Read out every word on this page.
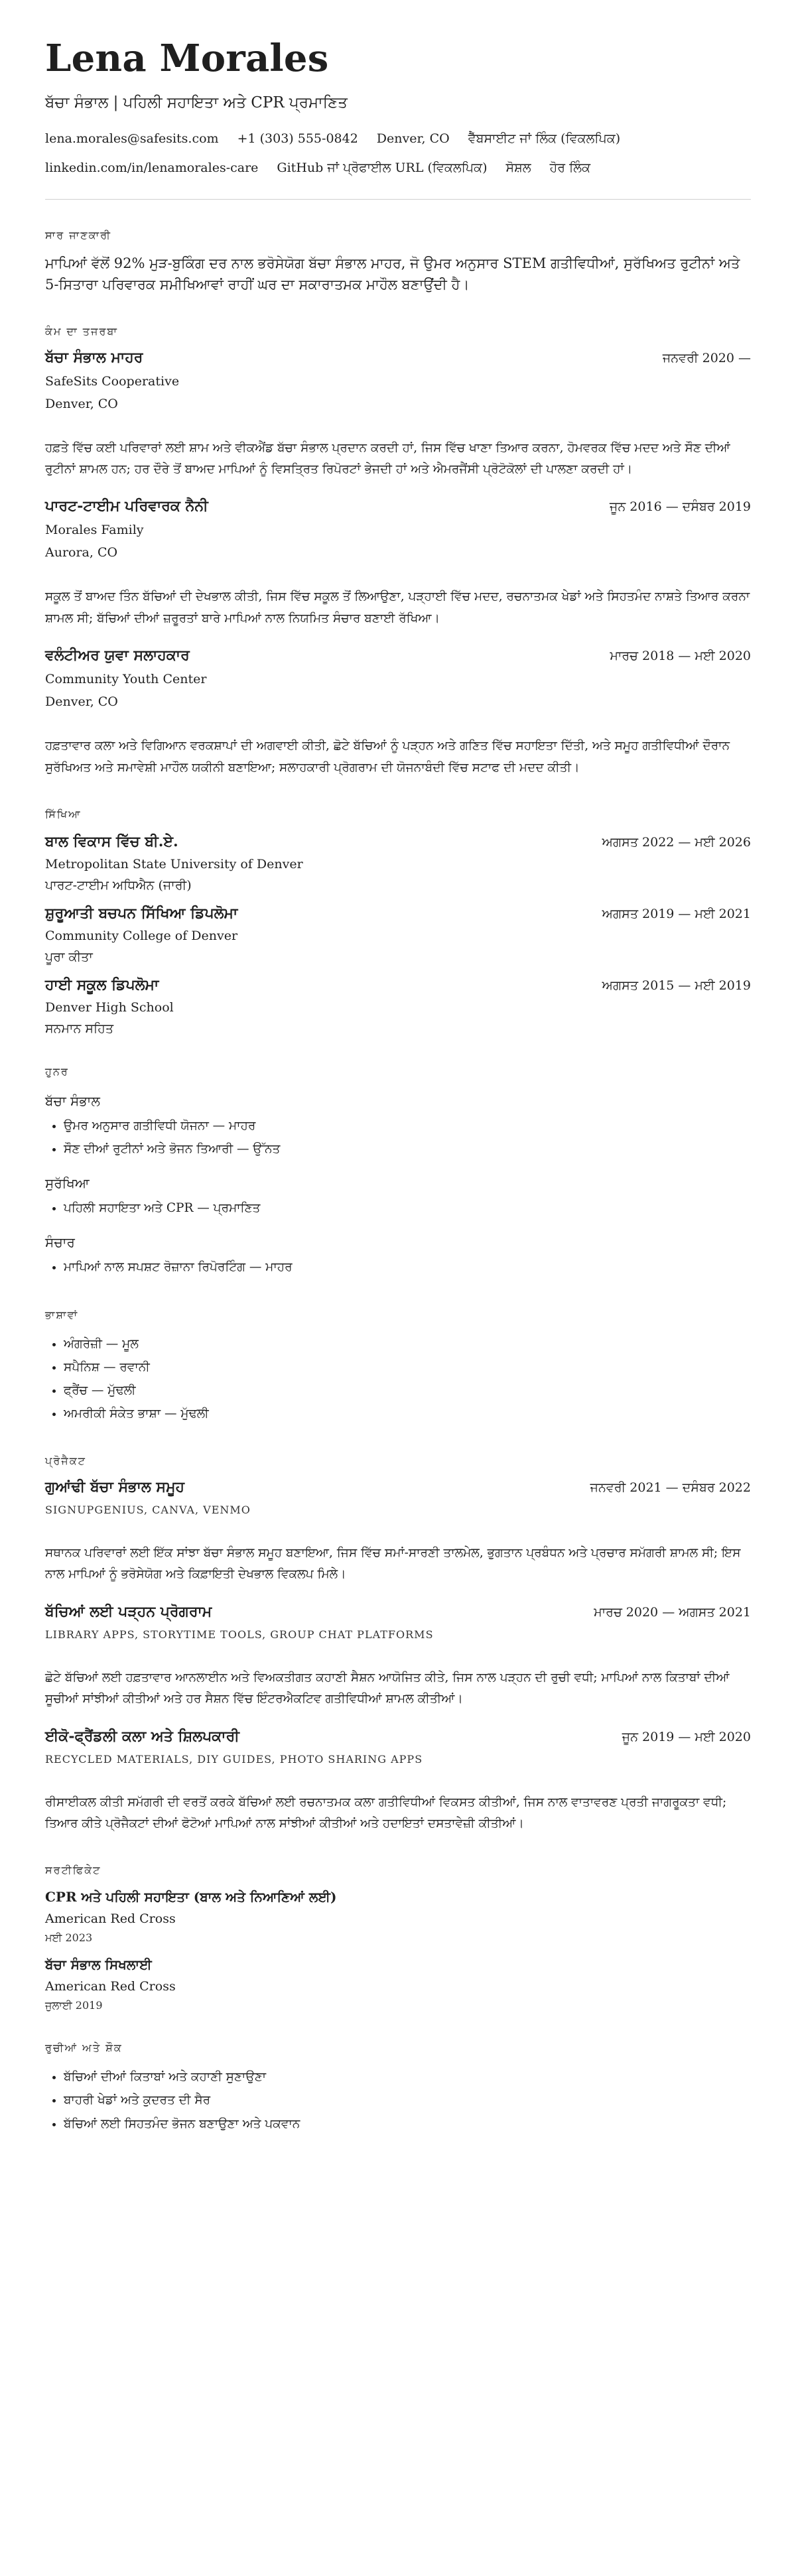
Lena Morales
ਬੱਚਾ ਸੰਭਾਲ | ਪਹਿਲੀ ਸਹਾਇਤਾ ਅਤੇ CPR ਪ੍ਰਮਾਣਿਤ
lena.morales@safesits.com +1 (303) 555-0842 Denver, CO ਵੈੱਬਸਾਈਟ ਜਾਂ ਲਿੰਕ (ਵਿਕਲਪਿਕ)
linkedin.com/in/lenamorales-care GitHub ਜਾਂ ਪ੍ਰੋਫਾਈਲ URL (ਵਿਕਲਪਿਕ) ਸੋਸ਼ਲ ਹੋਰ ਲਿੰਕ
ਸਾਰ ਜਾਣਕਾਰੀ

ਮਾਪਿਆਂ ਵੱਲੋਂ 92% ਮੁੜ-ਬੁਕਿੰਗ ਦਰ ਨਾਲ ਭਰੋਸੇਯੋਗ ਬੱਚਾ ਸੰਭਾਲ ਮਾਹਰ, ਜੋ ਉਮਰ ਅਨੁਸਾਰ STEM ਗਤੀਵਿਧੀਆਂ, ਸੁਰੱਖਿਅਤ ਰੁਟੀਨਾਂ ਅਤੇ 5-ਸਿਤਾਰਾ ਪਰਿਵਾਰਕ ਸਮੀਖਿਆਵਾਂ ਰਾਹੀਂ ਘਰ ਦਾ ਸਕਾਰਾਤਮਕ ਮਾਹੌਲ ਬਣਾਉਂਦੀ ਹੈ।

ਕੰਮ ਦਾ ਤਜਰਬਾ
ਬੱਚਾ ਸੰਭਾਲ ਮਾਹਰ	ਜਨਵਰੀ 2020 —
SafeSits Cooperative
Denver, CO
ਹਫ਼ਤੇ ਵਿੱਚ ਕਈ ਪਰਿਵਾਰਾਂ ਲਈ ਸ਼ਾਮ ਅਤੇ ਵੀਕਐਂਡ ਬੱਚਾ ਸੰਭਾਲ ਪ੍ਰਦਾਨ ਕਰਦੀ ਹਾਂ, ਜਿਸ ਵਿੱਚ ਖਾਣਾ ਤਿਆਰ ਕਰਨਾ, ਹੋਮਵਰਕ ਵਿੱਚ ਮਦਦ ਅਤੇ ਸੌਣ ਦੀਆਂ ਰੁਟੀਨਾਂ ਸ਼ਾਮਲ ਹਨ; ਹਰ ਦੌਰੇ ਤੋਂ ਬਾਅਦ ਮਾਪਿਆਂ ਨੂੰ ਵਿਸਤ੍ਰਿਤ ਰਿਪੋਰਟਾਂ ਭੇਜਦੀ ਹਾਂ ਅਤੇ ਐਮਰਜੈਂਸੀ ਪ੍ਰੋਟੋਕੋਲਾਂ ਦੀ ਪਾਲਣਾ ਕਰਦੀ ਹਾਂ।
ਪਾਰਟ-ਟਾਈਮ ਪਰਿਵਾਰਕ ਨੈਨੀ	ਜੂਨ 2016 — ਦਸੰਬਰ 2019
Morales Family
Aurora, CO
ਸਕੂਲ ਤੋਂ ਬਾਅਦ ਤਿੰਨ ਬੱਚਿਆਂ ਦੀ ਦੇਖਭਾਲ ਕੀਤੀ, ਜਿਸ ਵਿੱਚ ਸਕੂਲ ਤੋਂ ਲਿਆਉਣਾ, ਪੜ੍ਹਾਈ ਵਿੱਚ ਮਦਦ, ਰਚਨਾਤਮਕ ਖੇਡਾਂ ਅਤੇ ਸਿਹਤਮੰਦ ਨਾਸ਼ਤੇ ਤਿਆਰ ਕਰਨਾ ਸ਼ਾਮਲ ਸੀ; ਬੱਚਿਆਂ ਦੀਆਂ ਜ਼ਰੂਰਤਾਂ ਬਾਰੇ ਮਾਪਿਆਂ ਨਾਲ ਨਿਯਮਿਤ ਸੰਚਾਰ ਬਣਾਈ ਰੱਖਿਆ।
ਵਲੰਟੀਅਰ ਯੁਵਾ ਸਲਾਹਕਾਰ	ਮਾਰਚ 2018 — ਮਈ 2020
Community Youth Center
Denver, CO
ਹਫ਼ਤਾਵਾਰ ਕਲਾ ਅਤੇ ਵਿਗਿਆਨ ਵਰਕਸ਼ਾਪਾਂ ਦੀ ਅਗਵਾਈ ਕੀਤੀ, ਛੋਟੇ ਬੱਚਿਆਂ ਨੂੰ ਪੜ੍ਹਨ ਅਤੇ ਗਣਿਤ ਵਿੱਚ ਸਹਾਇਤਾ ਦਿੱਤੀ, ਅਤੇ ਸਮੂਹ ਗਤੀਵਿਧੀਆਂ ਦੌਰਾਨ ਸੁਰੱਖਿਅਤ ਅਤੇ ਸਮਾਵੇਸ਼ੀ ਮਾਹੌਲ ਯਕੀਨੀ ਬਣਾਇਆ; ਸਲਾਹਕਾਰੀ ਪ੍ਰੋਗਰਾਮ ਦੀ ਯੋਜਨਾਬੰਦੀ ਵਿੱਚ ਸਟਾਫ ਦੀ ਮਦਦ ਕੀਤੀ।
ਸਿੱਖਿਆ
ਬਾਲ ਵਿਕਾਸ ਵਿੱਚ ਬੀ.ਏ.	ਅਗਸਤ 2022 — ਮਈ 2026
Metropolitan State University of Denver
ਪਾਰਟ-ਟਾਈਮ ਅਧਿਐਨ (ਜਾਰੀ)
ਸ਼ੁਰੂਆਤੀ ਬਚਪਨ ਸਿੱਖਿਆ ਡਿਪਲੋਮਾ	ਅਗਸਤ 2019 — ਮਈ 2021
Community College of Denver
ਪੂਰਾ ਕੀਤਾ
ਹਾਈ ਸਕੂਲ ਡਿਪਲੋਮਾ	ਅਗਸਤ 2015 — ਮਈ 2019
Denver High School
ਸਨਮਾਨ ਸਹਿਤ
ਹੁਨਰ
ਬੱਚਾ ਸੰਭਾਲ
• ਉਮਰ ਅਨੁਸਾਰ ਗਤੀਵਿਧੀ ਯੋਜਨਾ — ਮਾਹਰ
• ਸੌਣ ਦੀਆਂ ਰੁਟੀਨਾਂ ਅਤੇ ਭੋਜਨ ਤਿਆਰੀ — ਉੱਨਤ
ਸੁਰੱਖਿਆ
• ਪਹਿਲੀ ਸਹਾਇਤਾ ਅਤੇ CPR — ਪ੍ਰਮਾਣਿਤ
ਸੰਚਾਰ
• ਮਾਪਿਆਂ ਨਾਲ ਸਪਸ਼ਟ ਰੋਜ਼ਾਨਾ ਰਿਪੋਰਟਿੰਗ — ਮਾਹਰ
ਭਾਸ਼ਾਵਾਂ
• ਅੰਗਰੇਜ਼ੀ — ਮੂਲ
• ਸਪੈਨਿਸ਼ — ਰਵਾਨੀ
• ਫ੍ਰੈਂਚ — ਮੁੱਢਲੀ
• ਅਮਰੀਕੀ ਸੰਕੇਤ ਭਾਸ਼ਾ — ਮੁੱਢਲੀ
ਪ੍ਰੋਜੈਕਟ
ਗੁਆਂਢੀ ਬੱਚਾ ਸੰਭਾਲ ਸਮੂਹ	ਜਨਵਰੀ 2021 — ਦਸੰਬਰ 2022
SIGNUPGENIUS, CANVA, VENMO
ਸਥਾਨਕ ਪਰਿਵਾਰਾਂ ਲਈ ਇੱਕ ਸਾਂਝਾ ਬੱਚਾ ਸੰਭਾਲ ਸਮੂਹ ਬਣਾਇਆ, ਜਿਸ ਵਿੱਚ ਸਮਾਂ-ਸਾਰਣੀ ਤਾਲਮੇਲ, ਭੁਗਤਾਨ ਪ੍ਰਬੰਧਨ ਅਤੇ ਪ੍ਰਚਾਰ ਸਮੱਗਰੀ ਸ਼ਾਮਲ ਸੀ; ਇਸ ਨਾਲ ਮਾਪਿਆਂ ਨੂੰ ਭਰੋਸੇਯੋਗ ਅਤੇ ਕਿਫ਼ਾਇਤੀ ਦੇਖਭਾਲ ਵਿਕਲਪ ਮਿਲੇ।
ਬੱਚਿਆਂ ਲਈ ਪੜ੍ਹਨ ਪ੍ਰੋਗਰਾਮ	ਮਾਰਚ 2020 — ਅਗਸਤ 2021
LIBRARY APPS, STORYTIME TOOLS, GROUP CHAT PLATFORMS
ਛੋਟੇ ਬੱਚਿਆਂ ਲਈ ਹਫ਼ਤਾਵਾਰ ਆਨਲਾਈਨ ਅਤੇ ਵਿਅਕਤੀਗਤ ਕਹਾਣੀ ਸੈਸ਼ਨ ਆਯੋਜਿਤ ਕੀਤੇ, ਜਿਸ ਨਾਲ ਪੜ੍ਹਨ ਦੀ ਰੁਚੀ ਵਧੀ; ਮਾਪਿਆਂ ਨਾਲ ਕਿਤਾਬਾਂ ਦੀਆਂ ਸੂਚੀਆਂ ਸਾਂਝੀਆਂ ਕੀਤੀਆਂ ਅਤੇ ਹਰ ਸੈਸ਼ਨ ਵਿੱਚ ਇੰਟਰਐਕਟਿਵ ਗਤੀਵਿਧੀਆਂ ਸ਼ਾਮਲ ਕੀਤੀਆਂ।
ਈਕੋ-ਫ੍ਰੈਂਡਲੀ ਕਲਾ ਅਤੇ ਸ਼ਿਲਪਕਾਰੀ	ਜੂਨ 2019 — ਮਈ 2020
RECYCLED MATERIALS, DIY GUIDES, PHOTO SHARING APPS
ਰੀਸਾਈਕਲ ਕੀਤੀ ਸਮੱਗਰੀ ਦੀ ਵਰਤੋਂ ਕਰਕੇ ਬੱਚਿਆਂ ਲਈ ਰਚਨਾਤਮਕ ਕਲਾ ਗਤੀਵਿਧੀਆਂ ਵਿਕਸਤ ਕੀਤੀਆਂ, ਜਿਸ ਨਾਲ ਵਾਤਾਵਰਣ ਪ੍ਰਤੀ ਜਾਗਰੂਕਤਾ ਵਧੀ; ਤਿਆਰ ਕੀਤੇ ਪ੍ਰੋਜੈਕਟਾਂ ਦੀਆਂ ਫੋਟੋਆਂ ਮਾਪਿਆਂ ਨਾਲ ਸਾਂਝੀਆਂ ਕੀਤੀਆਂ ਅਤੇ ਹਦਾਇਤਾਂ ਦਸਤਾਵੇਜ਼ੀ ਕੀਤੀਆਂ।
ਸਰਟੀਫਿਕੇਟ
CPR ਅਤੇ ਪਹਿਲੀ ਸਹਾਇਤਾ (ਬਾਲ ਅਤੇ ਨਿਆਣਿਆਂ ਲਈ)
American Red Cross
ਮਈ 2023
ਬੱਚਾ ਸੰਭਾਲ ਸਿਖਲਾਈ
American Red Cross
ਜੁਲਾਈ 2019
ਰੁਚੀਆਂ ਅਤੇ ਸ਼ੌਕ
• ਬੱਚਿਆਂ ਦੀਆਂ ਕਿਤਾਬਾਂ ਅਤੇ ਕਹਾਣੀ ਸੁਣਾਉਣਾ
• ਬਾਹਰੀ ਖੇਡਾਂ ਅਤੇ ਕੁਦਰਤ ਦੀ ਸੈਰ
• ਬੱਚਿਆਂ ਲਈ ਸਿਹਤਮੰਦ ਭੋਜਨ ਬਣਾਉਣਾ ਅਤੇ ਪਕਵਾਨ
